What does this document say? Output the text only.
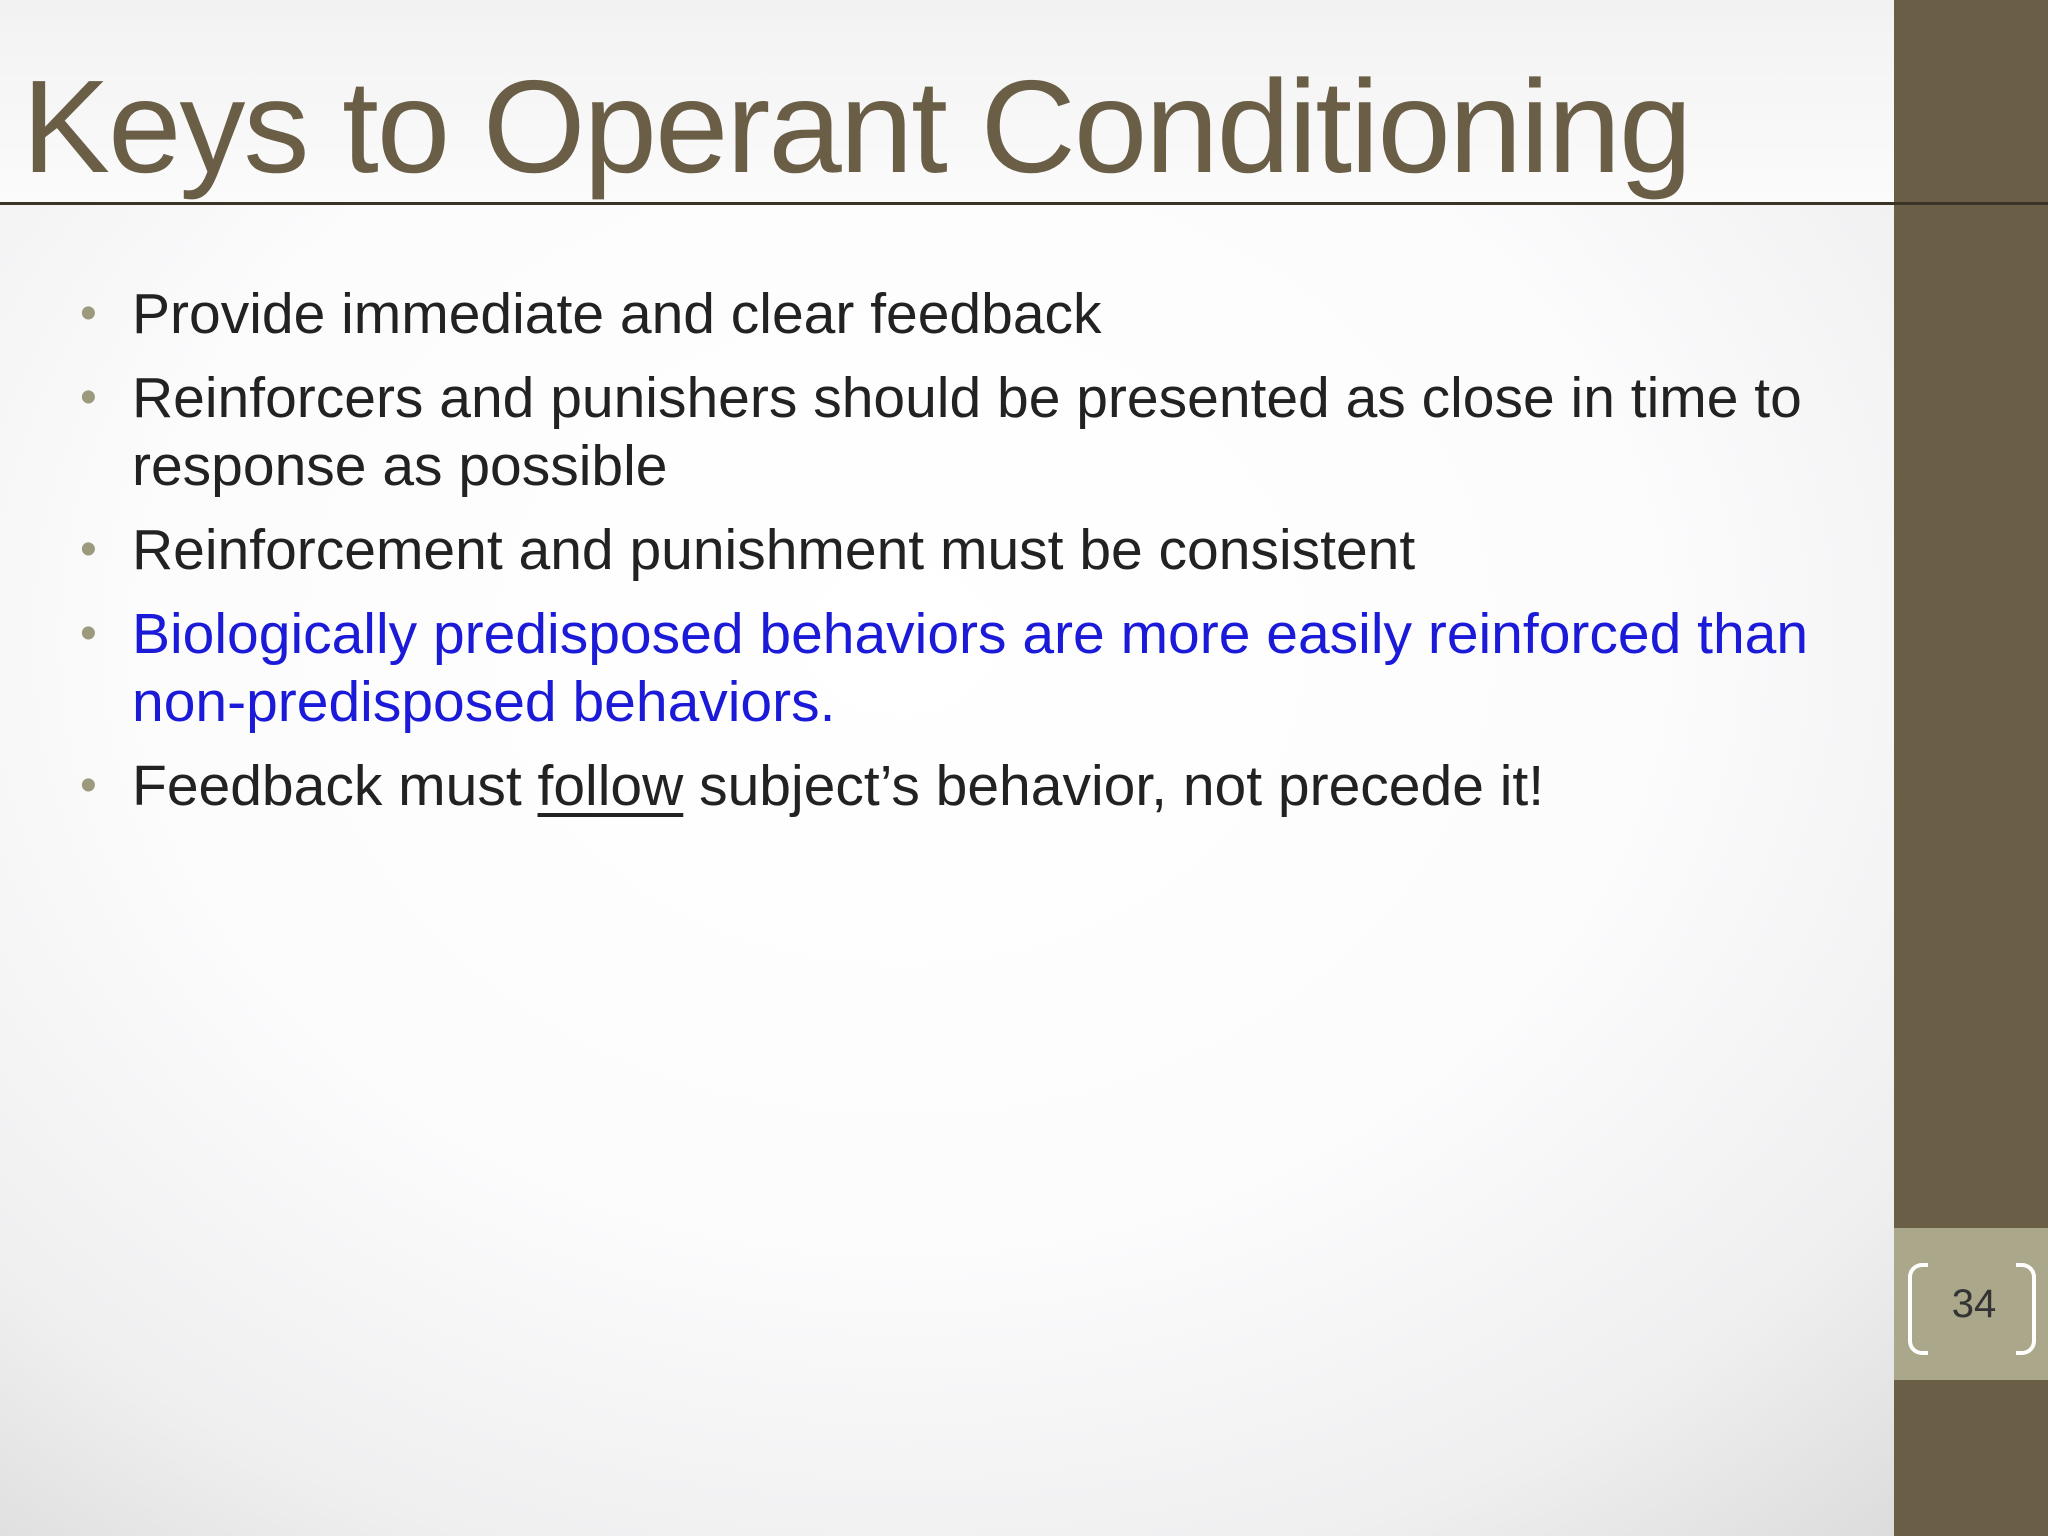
Keys to Operant Conditioning
• Provide immediate and clear feedback
• Reinforcers and punishers should be presented as close in time to response as possible
• Reinforcement and punishment must be consistent
• Biologically predisposed behaviors are more easily reinforced than non-predisposed behaviors.
• Feedback must follow subject’s behavior, not precede it!
34
